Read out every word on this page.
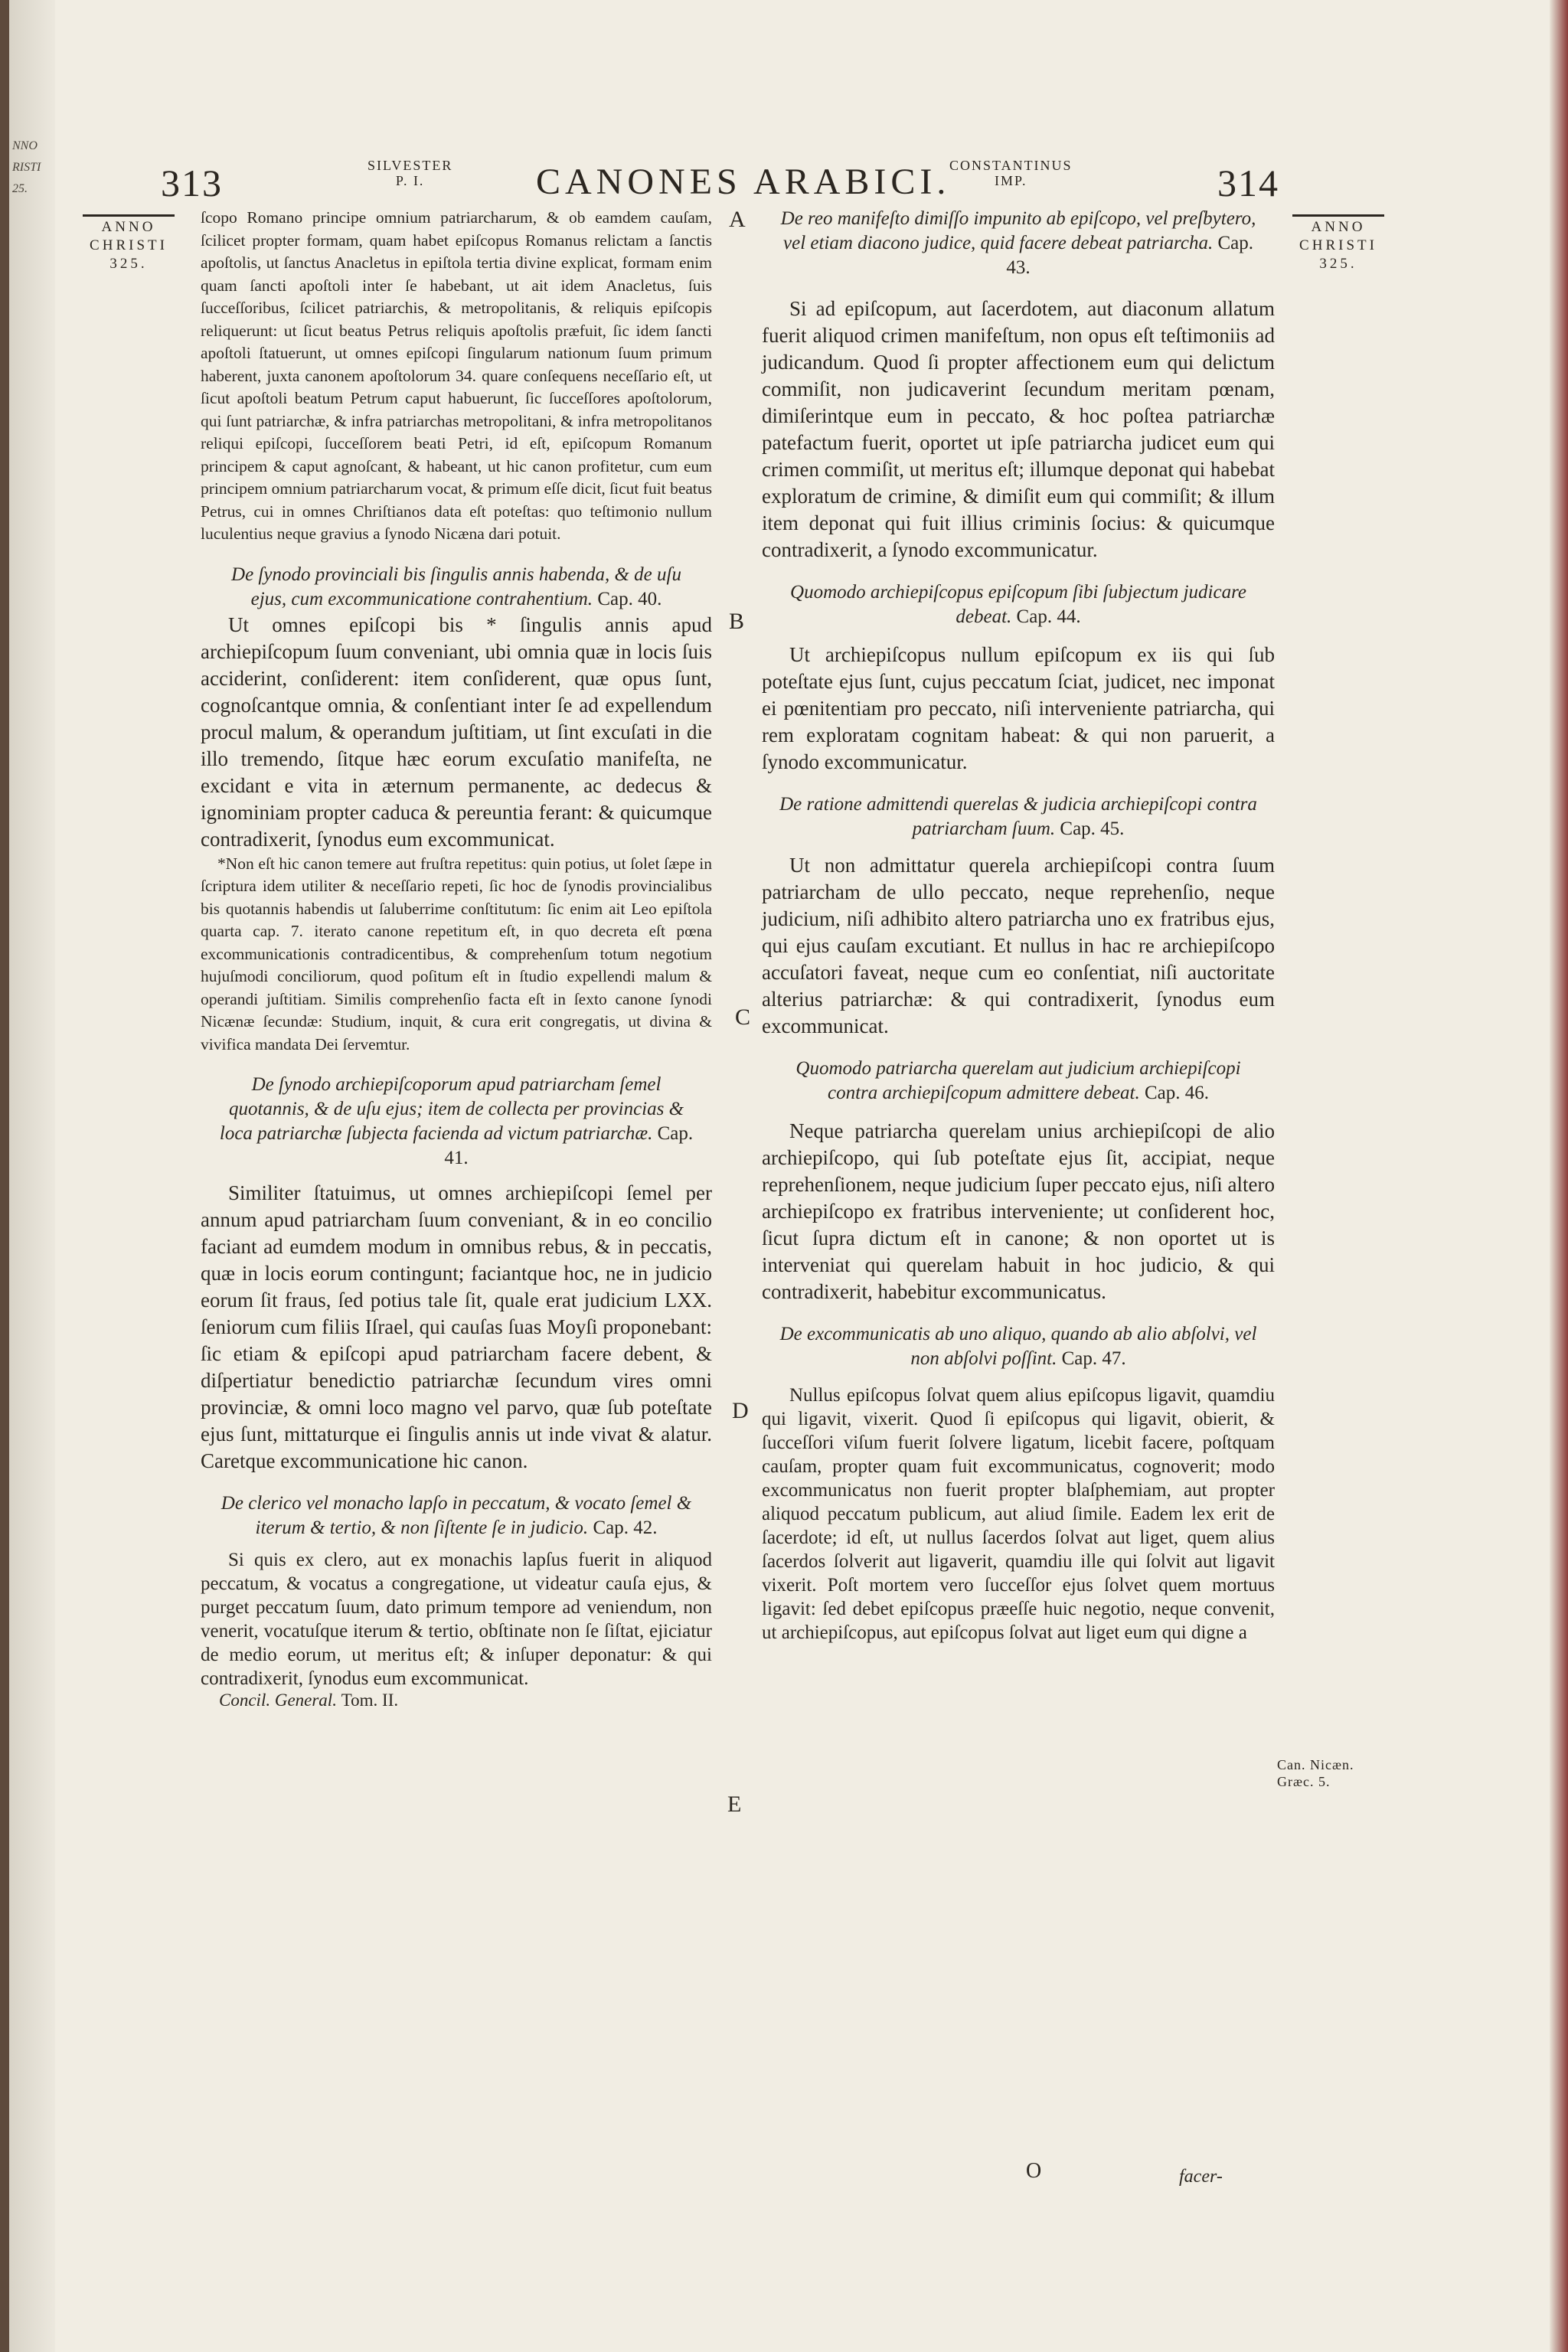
NNO
RISTI
25.	313	SILVESTER
P. I.	CANONES ARABICI.
CONSTANTINUS
IMP.	314
ANNO
CHRISTI
325.
ANNO
CHRISTI
325.
A
B
C
D
E

ſcopo Romano principe omnium patriarcharum, & ob eamdem cauſam, ſcilicet propter formam, quam habet epiſcopus Romanus relictam a ſanctis apoſtolis, ut ſanctus Anacletus in epiſtola tertia divine explicat, formam enim quam ſancti apoſtoli inter ſe habebant, ut ait idem Anacletus, ſuis ſucceſſoribus, ſcilicet patriarchis, & metropolitanis, & reliquis epiſcopis reliquerunt: ut ſicut beatus Petrus reliquis apoſtolis præfuit, ſic idem ſancti apoſtoli ſtatuerunt, ut omnes epiſcopi ſingularum nationum ſuum primum haberent, juxta canonem apoſtolorum 34. quare conſequens neceſſario eſt, ut ſicut apoſtoli beatum Petrum caput habuerunt, ſic ſucceſſores apoſtolorum, qui ſunt patriarchæ, & infra patriarchas metropolitani, & infra metropolitanos reliqui epiſcopi, ſucceſſorem beati Petri, id eſt, epiſcopum Romanum principem & caput agnoſcant, & habeant, ut hic canon profitetur, cum eum principem omnium patriarcharum vocat, & primum eſſe dicit, ſicut fuit beatus Petrus, cui in omnes Chriſtianos data eſt poteſtas: quo teſtimonio nullum luculentius neque gravius a ſynodo Nicæna dari potuit.

De ſynodo provinciali bis ſingulis annis habenda, & de uſu ejus, cum excommunicatione contrahentium. Cap. 40.

Ut omnes epiſcopi bis * ſingulis annis apud archiepiſcopum ſuum conveniant, ubi omnia quæ in locis ſuis acciderint, conſiderent: item conſiderent, quæ opus ſunt, cognoſcantque omnia, & conſentiant inter ſe ad expellendum procul malum, & operandum juſtitiam, ut ſint excuſati in die illo tremendo, ſitque hæc eorum excuſatio manifeſta, ne excidant e vita in æternum permanente, ac dedecus & ignominiam propter caduca & pereuntia ferant: & quicumque contradixerit, ſynodus eum excommunicat.

*Non eſt hic canon temere aut fruſtra repetitus: quin potius, ut ſolet ſæpe in ſcriptura idem utiliter & neceſſario repeti, ſic hoc de ſynodis provincialibus bis quotannis habendis ut ſaluberrime conſtitutum: ſic enim ait Leo epiſtola quarta cap. 7. iterato canone repetitum eſt, in quo decreta eſt pœna excommunicationis contradicentibus, & comprehenſum totum negotium hujuſmodi conciliorum, quod poſitum eſt in ſtudio expellendi malum & operandi juſtitiam. Similis comprehenſio facta eſt in ſexto canone ſynodi Nicænæ ſecundæ: Studium, inquit, & cura erit congregatis, ut divina & vivifica mandata Dei ſervemtur.

De ſynodo archiepiſcoporum apud patriarcham ſemel quotannis, & de uſu ejus; item de collecta per provincias & loca patriarchæ ſubjecta facienda ad victum patriarchæ. Cap. 41.

Similiter ſtatuimus, ut omnes archiepiſcopi ſemel per annum apud patriarcham ſuum conveniant, & in eo concilio faciant ad eumdem modum in omnibus rebus, & in peccatis, quæ in locis eorum contingunt; faciantque hoc, ne in judicio eorum ſit fraus, ſed potius tale ſit, quale erat judicium LXX. ſeniorum cum filiis Iſrael, qui cauſas ſuas Moyſi proponebant: ſic etiam & epiſcopi apud patriarcham facere debent, & diſpertiatur benedictio patriarchæ ſecundum vires omni provinciæ, & omni loco magno vel parvo, quæ ſub poteſtate ejus ſunt, mittaturque ei ſingulis annis ut inde vivat & alatur. Caretque excommunicatione hic canon.

De clerico vel monacho lapſo in peccatum, & vocato ſemel & iterum & tertio, & non ſiſtente ſe in judicio. Cap. 42.

Si quis ex clero, aut ex monachis lapſus fuerit in aliquod peccatum, & vocatus a congregatione, ut videatur cauſa ejus, & purget peccatum ſuum, dato primum tempore ad veniendum, non venerit, vocatuſque iterum & tertio, obſtinate non ſe ſiſtat, ejiciatur de medio eorum, ut meritus eſt; & inſuper deponatur: & qui contradixerit, ſynodus eum excommunicat.

Concil. General. Tom. II.
De reo manifeſto dimiſſo impunito ab epiſcopo, vel preſbytero, vel etiam diacono judice, quid facere debeat patriarcha. Cap. 43.

Si ad epiſcopum, aut ſacerdotem, aut diaconum allatum fuerit aliquod crimen manifeſtum, non opus eſt teſtimoniis ad judicandum. Quod ſi propter affectionem eum qui delictum commiſit, non judicaverint ſecundum meritam pœnam, dimiſerintque eum in peccato, & hoc poſtea patriarchæ patefactum fuerit, oportet ut ipſe patriarcha judicet eum qui crimen commiſit, ut meritus eſt; illumque deponat qui habebat exploratum de crimine, & dimiſit eum qui commiſit; & illum item deponat qui fuit illius criminis ſocius: & quicumque contradixerit, a ſynodo excommunicatur.

Quomodo archiepiſcopus epiſcopum ſibi ſubjectum judicare debeat. Cap. 44.

Ut archiepiſcopus nullum epiſcopum ex iis qui ſub poteſtate ejus ſunt, cujus peccatum ſciat, judicet, nec imponat ei pœnitentiam pro peccato, niſi interveniente patriarcha, qui rem exploratam cognitam habeat: & qui non paruerit, a ſynodo excommunicatur.

De ratione admittendi querelas & judicia archiepiſcopi contra patriarcham ſuum. Cap. 45.

Ut non admittatur querela archiepiſcopi contra ſuum patriarcham de ullo peccato, neque reprehenſio, neque judicium, niſi adhibito altero patriarcha uno ex fratribus ejus, qui ejus cauſam excutiant. Et nullus in hac re archiepiſcopo accuſatori faveat, neque cum eo conſentiat, niſi auctoritate alterius patriarchæ: & qui contradixerit, ſynodus eum excommunicat.

Quomodo patriarcha querelam aut judicium archiepiſcopi contra archiepiſcopum admittere debeat. Cap. 46.

Neque patriarcha querelam unius archiepiſcopi de alio archiepiſcopo, qui ſub poteſtate ejus ſit, accipiat, neque reprehenſionem, neque judicium ſuper peccato ejus, niſi altero archiepiſcopo ex fratribus interveniente; ut conſiderent hoc, ſicut ſupra dictum eſt in canone; & non oportet ut is interveniat qui querelam habuit in hoc judicio, & qui contradixerit, habebitur excommunicatus.

De excommunicatis ab uno aliquo, quando ab alio abſolvi, vel non abſolvi poſſint. Cap. 47.

Nullus epiſcopus ſolvat quem alius epiſcopus ligavit, quamdiu qui ligavit, vixerit. Quod ſi epiſcopus qui ligavit, obierit, & ſucceſſori viſum fuerit ſolvere ligatum, licebit facere, poſtquam cauſam, propter quam fuit excommunicatus, cognoverit; modo excommunicatus non fuerit propter blaſphemiam, aut propter aliquod peccatum publicum, aut aliud ſimile. Eadem lex erit de ſacerdote; id eſt, ut nullus ſacerdos ſolvat aut liget, quem alius ſacerdos ſolverit aut ligaverit, quamdiu ille qui ſolvit aut ligavit vixerit. Poſt mortem vero ſucceſſor ejus ſolvet quem mortuus ligavit: ſed debet epiſcopus præeſſe huic negotio, neque convenit, ut archiepiſcopus, aut epiſcopus ſolvat aut liget eum qui digne a

Can. Nicæn.
Græc. 5.
O	facer-
